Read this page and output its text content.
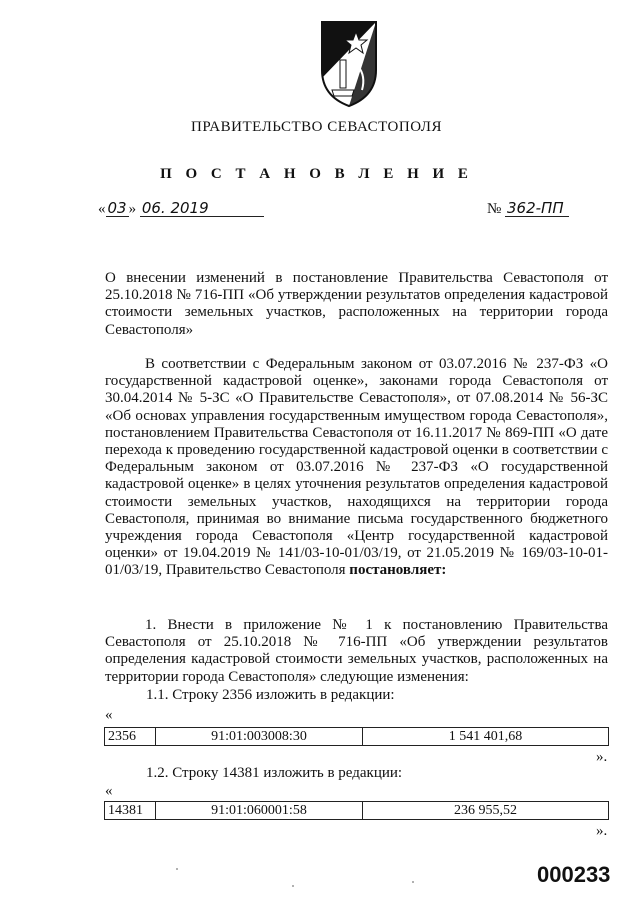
ПРАВИТЕЛЬСТВО СЕВАСТОПОЛЯ
П О С Т А Н О В Л Е Н И Е
« 03 » 06. 2019	№ 362-ПП
О внесении изменений в постановление Правительства Севастополя от 25.10.2018 № 716-ПП «Об утверждении результатов определения кадастровой стоимости земельных участков, расположенных на территории города Севастополя»
В соответствии с Федеральным законом от 03.07.2016 № 237-ФЗ «О государственной кадастровой оценке», законами города Севастополя от 30.04.2014 № 5-ЗС «О Правительстве Севастополя», от 07.08.2014 № 56-ЗС «Об основах управления государственным имуществом города Севастополя», постановлением Правительства Севастополя от 16.11.2017 № 869-ПП «О дате перехода к проведению государственной кадастровой оценки в соответствии с Федеральным законом от 03.07.2016 № 237-ФЗ «О государственной кадастровой оценке» в целях уточнения результатов определения кадастровой стоимости земельных участков, находящихся на территории города Севастополя, принимая во внимание письма государственного бюджетного учреждения города Севастополя «Центр государственной кадастровой оценки» от 19.04.2019 № 141/03-10-01/03/19, от 21.05.2019 № 169/03-10-01-01/03/19, Правительство Севастополя постановляет:
1. Внести в приложение № 1 к постановлению Правительства Севастополя от 25.10.2018 № 716-ПП «Об утверждении результатов определения кадастровой стоимости земельных участков, расположенных на территории города Севастополя» следующие изменения:
1.1. Строку 2356 изложить в редакции:
«
2356	91:01:003008:30	1 541 401,68
».
1.2. Строку 14381 изложить в редакции:
«
14381	91:01:060001:58	236 955,52
».
000233
